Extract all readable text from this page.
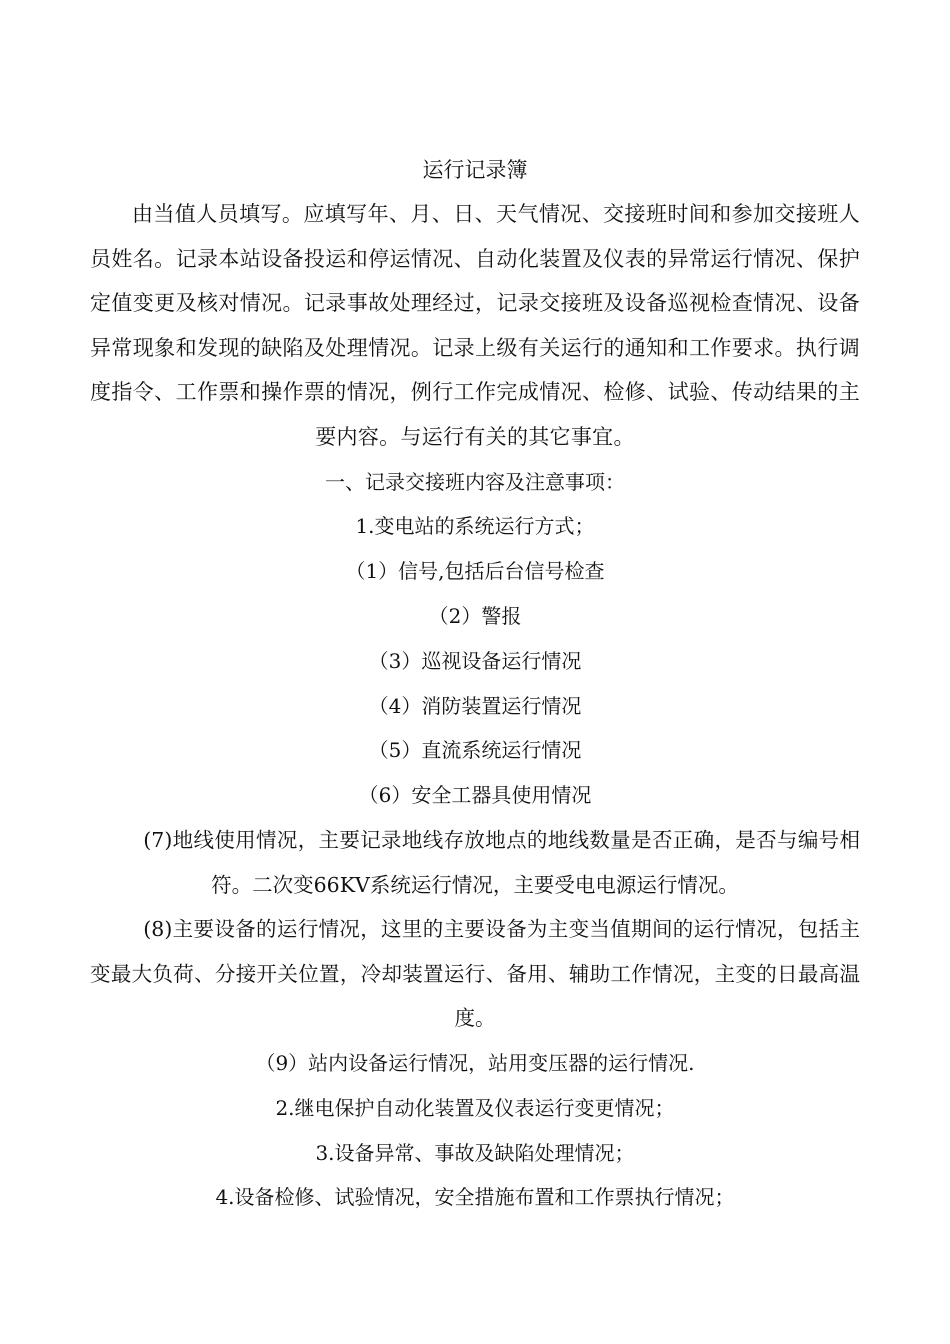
运行记录簿

由当值人员填写。应填写年、月、日、天气情况、交接班时间和参加交接班人员姓名。记录本站设备投运和停运情况、自动化装置及仪表的异常运行情况、保护定值变更及核对情况。记录事故处理经过，记录交接班及设备巡视检查情况、设备异常现象和发现的缺陷及处理情况。记录上级有关运行的通知和工作要求。执行调度指令、工作票和操作票的情况，例行工作完成情况、检修、试验、传动结果的主要内容。与运行有关的其它事宜。

一、记录交接班内容及注意事项：

1.变电站的系统运行方式；

（1）信号,包括后台信号检查

（2）警报

（3）巡视设备运行情况

（4）消防装置运行情况

（5）直流系统运行情况

（6）安全工器具使用情况

(7)地线使用情况，主要记录地线存放地点的地线数量是否正确，是否与编号相符。二次变66KV系统运行情况，主要受电电源运行情况。

(8)主要设备的运行情况，这里的主要设备为主变当值期间的运行情况，包括主变最大负荷、分接开关位置，冷却装置运行、备用、辅助工作情况，主变的日最高温度。

（9）站内设备运行情况，站用变压器的运行情况.

2.继电保护自动化装置及仪表运行变更情况；

3.设备异常、事故及缺陷处理情况；

4.设备检修、试验情况，安全措施布置和工作票执行情况；
